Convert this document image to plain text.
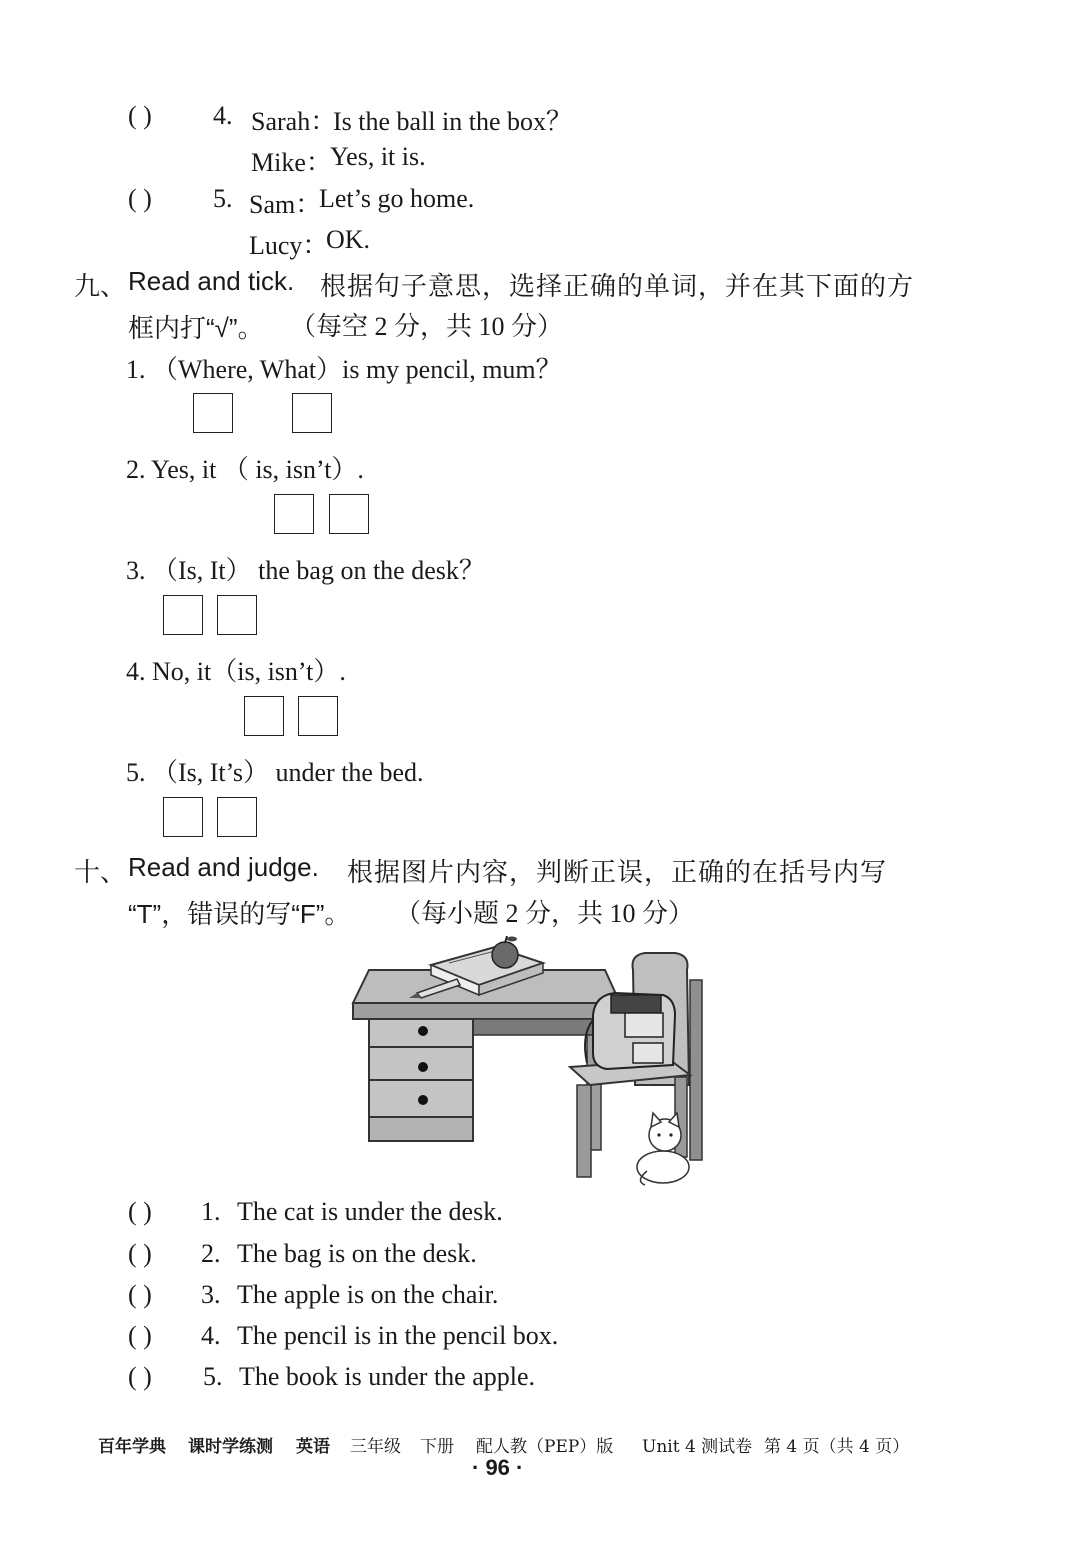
( ) 4. Sarah：
Is the ball in the box？
Mike：
Yes, it is.
( ) 5. Sam：
Let’s go home.
Lucy：
OK.
九、 Read and tick. 根据句子意思，选择正确的单词，并在其下面的方
框内打“√”。 （每空 2 分，共 10 分）
1. （Where, What）is my pencil, mum？
2. Yes, it （ is, isn’t）.
3. （Is, It） the bag on the desk？
4. No, it（is, isn’t）.
5. （Is, It’s） under the bed.
十、 Read and judge. 根据图片内容，判断正误，正确的在括号内写
“T”，错误的写“F”。 （每小题 2 分，共 10 分）
( ) 1. The cat is under the desk.
( ) 2. The bag is on the desk.
( ) 3. The apple is on the chair.
( ) 4. The pencil is in the pencil box.
( ) 5. The book is under the apple.
百年学典 课时学练测 英语 三年级 下册 配人教（PEP）版 Unit 4 测试卷 第 4 页（共 4 页）
· 96 ·
